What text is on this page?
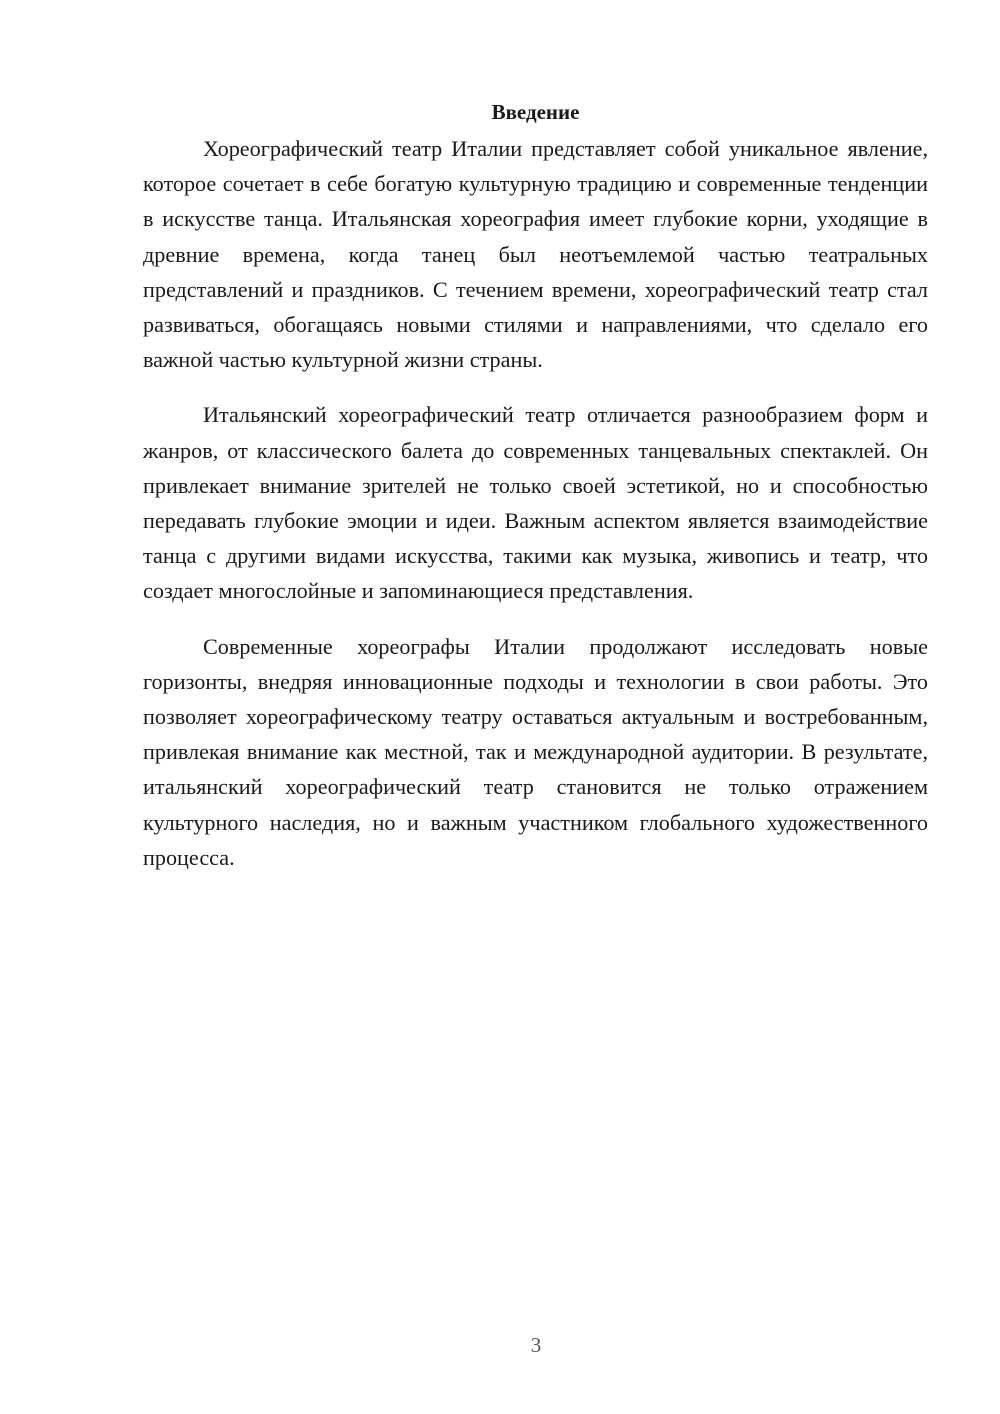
Введение

Хореографический театр Италии представляет собой уникальное явление, которое сочетает в себе богатую культурную традицию и современные тенденции в искусстве танца. Итальянская хореография имеет глубокие корни, уходящие в древние времена, когда танец был неотъемлемой частью театральных представлений и праздников. С течением времени, хореографический театр стал развиваться, обогащаясь новыми стилями и направлениями, что сделало его важной частью культурной жизни страны.

Итальянский хореографический театр отличается разнообразием форм и жанров, от классического балета до современных танцевальных спектаклей. Он привлекает внимание зрителей не только своей эстетикой, но и способностью передавать глубокие эмоции и идеи. Важным аспектом является взаимодействие танца с другими видами искусства, такими как музыка, живопись и театр, что создает многослойные и запоминающиеся представления.

Современные хореографы Италии продолжают исследовать новые горизонты, внедряя инновационные подходы и технологии в свои работы. Это позволяет хореографическому театру оставаться актуальным и востребованным, привлекая внимание как местной, так и международной аудитории. В результате, итальянский хореографический театр становится не только отражением культурного наследия, но и важным участником глобального художественного процесса.

3
